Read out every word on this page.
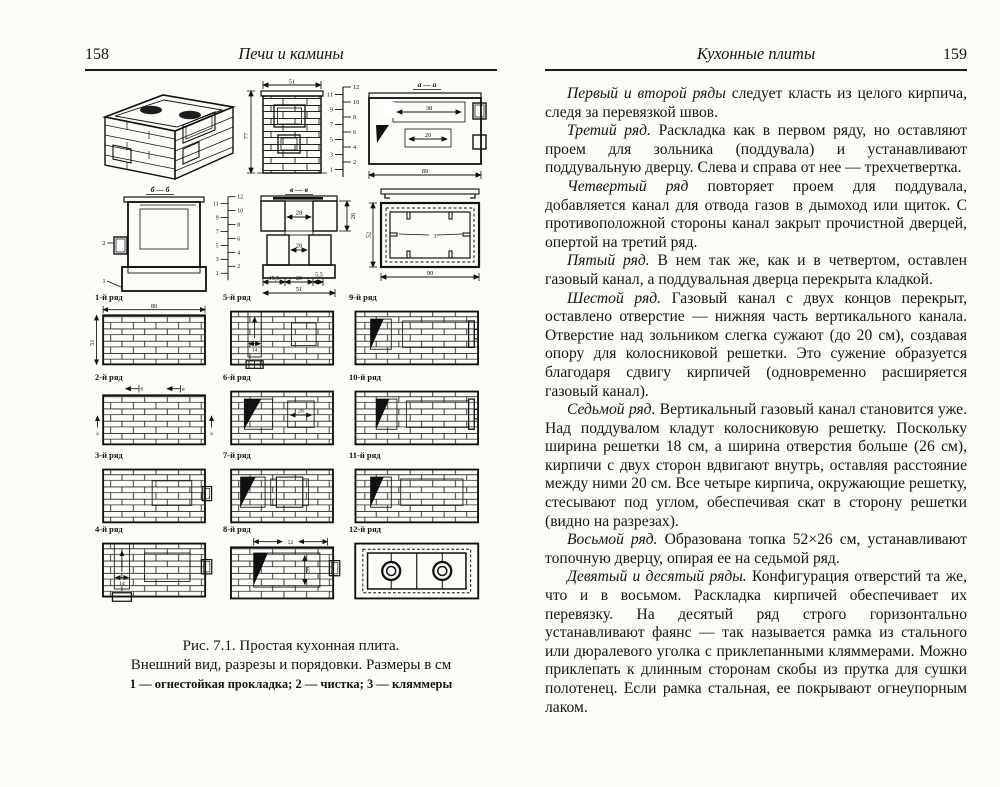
158	Печи и камины
51
77
1
2
3
4
5
6
7
8
9
10
11
12	а — а
38
20
89
б — б
2
1
1
2
3
4
5
6
7
8
9
10
11
12
в — в
28	26
20
15,5	20
5,5
51
3
52
90
1-й ряд
89
51
2-й ряд
б	в
а	а
3-й ряд
4-й ряд
14
5-й ряд
14
6-й ряд
20
7-й ряд
8-й ряд
52
26
9-й ряд
10-й ряд
11-й ряд
12-й ряд
Рис. 7.1. Простая кухонная плита.
Внешний вид, разрезы и порядовки. Размеры в см
1 — огнестойкая прокладка; 2 — чистка; 3 — кляммеры
Кухонные плиты	159

Первый и второй ряды следует класть из целого кирпича, следя за перевязкой швов.

Третий ряд. Раскладка как в первом ряду, но оставляют проем для зольника (поддувала) и устанавливают поддувальную дверцу. Слева и справа от нее — трехчетвертка.

Четвертый ряд повторяет проем для поддувала, добавляется канал для отвода газов в дымоход или щиток. С противоположной стороны канал закрыт прочистной дверцей, опертой на третий ряд.

Пятый ряд. В нем так же, как и в четвертом, оставлен газовый канал, а поддувальная дверца перекрыта кладкой.

Шестой ряд. Газовый канал с двух концов перекрыт, оставлено отверстие — нижняя часть вертикального канала. Отверстие над зольником слегка сужают (до 20 см), создавая опору для колосниковой решетки. Это сужение образуется благодаря сдвигу кирпичей (одновременно расширяется газовый канал).

Седьмой ряд. Вертикальный газовый канал становится уже. Над поддувалом кладут колосниковую решетку. Поскольку ширина решетки 18 см, а ширина отверстия больше (26 см), кирпичи с двух сторон вдвигают внутрь, оставляя расстояние между ними 20 см. Все четыре кирпича, окружающие решетку, стесывают под углом, обеспечивая скат в сторону решетки (видно на разрезах).

Восьмой ряд. Образована топка 52×26 см, устанавливают топочную дверцу, опирая ее на седьмой ряд.

Девятый и десятый ряды. Конфигурация отверстий та же, что и в восьмом. Раскладка кирпичей обеспечивает их перевязку. На десятый ряд строго горизонтально устанавливают фаянс — так называется рамка из стального или дюралевого уголка с приклепанными кляммерами. Можно приклепать к длинным сторонам скобы из прутка для сушки полотенец. Если рамка стальная, ее покрывают огнеупорным лаком.
